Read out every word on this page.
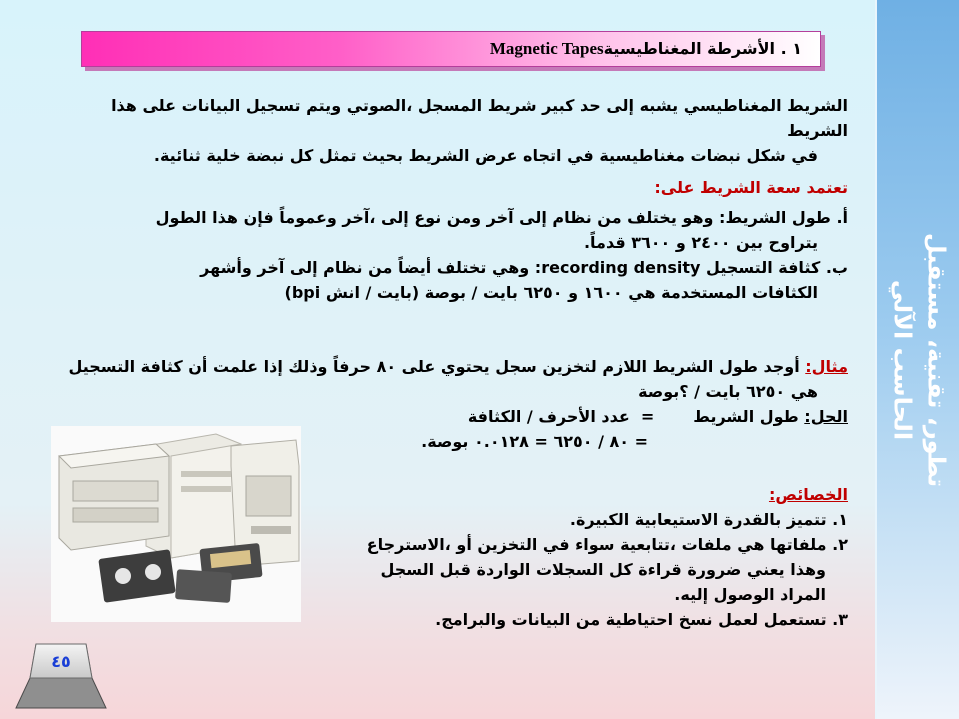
تطور، تقنية، مستقبل
الحاسب الآلي
١ . الأشرطة المغناطيسيةMagnetic Tapes
الشريط المغناطيسي يشبه إلى حد كبير شريط المسجل ،الصوتي ويتم تسجيل البيانات على هذا الشريط
في شكل نبضات مغناطيسية في اتجاه عرض الشريط بحيث تمثل كل نبضة خلية ثنائية.
تعتمد سعة الشريط على:
أ. طول الشريط: وهو يختلف من نظام إلى آخر ومن نوع إلى ،آخر وعموماً فإن هذا الطول
يتراوح بين ٢٤٠٠ و ٣٦٠٠ قدماً.
ب. كثافة التسجيل recording density: وهي تختلف أيضاً من نظام إلى آخر وأشهر
الكثافات المستخدمة هي ١٦٠٠ و ٦٢٥٠ بايت / بوصة (بايت / انش bpi)
مثال: أوجد طول الشريط اللازم لتخزين سجل يحتوي على ٨٠ حرفاً وذلك إذا علمت أن كثافة التسجيل
هي ٦٢٥٠ بايت / ؟بوصة
الحل: طول الشريط       =  عدد الأحرف / الكثافة
= ٨٠ / ٦٢٥٠ = ٠.٠١٢٨ بوصة.
الخصائص:
١. تتميز بالقدرة الاستيعابية الكبيرة.
٢. ملفاتها هي ملفات ،تتابعية سواء في التخزين أو ،الاسترجاع
وهذا يعني ضرورة قراءة كل السجلات الواردة قبل السجل
المراد الوصول إليه.
٣. تستعمل لعمل نسخ احتياطية من البيانات والبرامج.
٤٥
